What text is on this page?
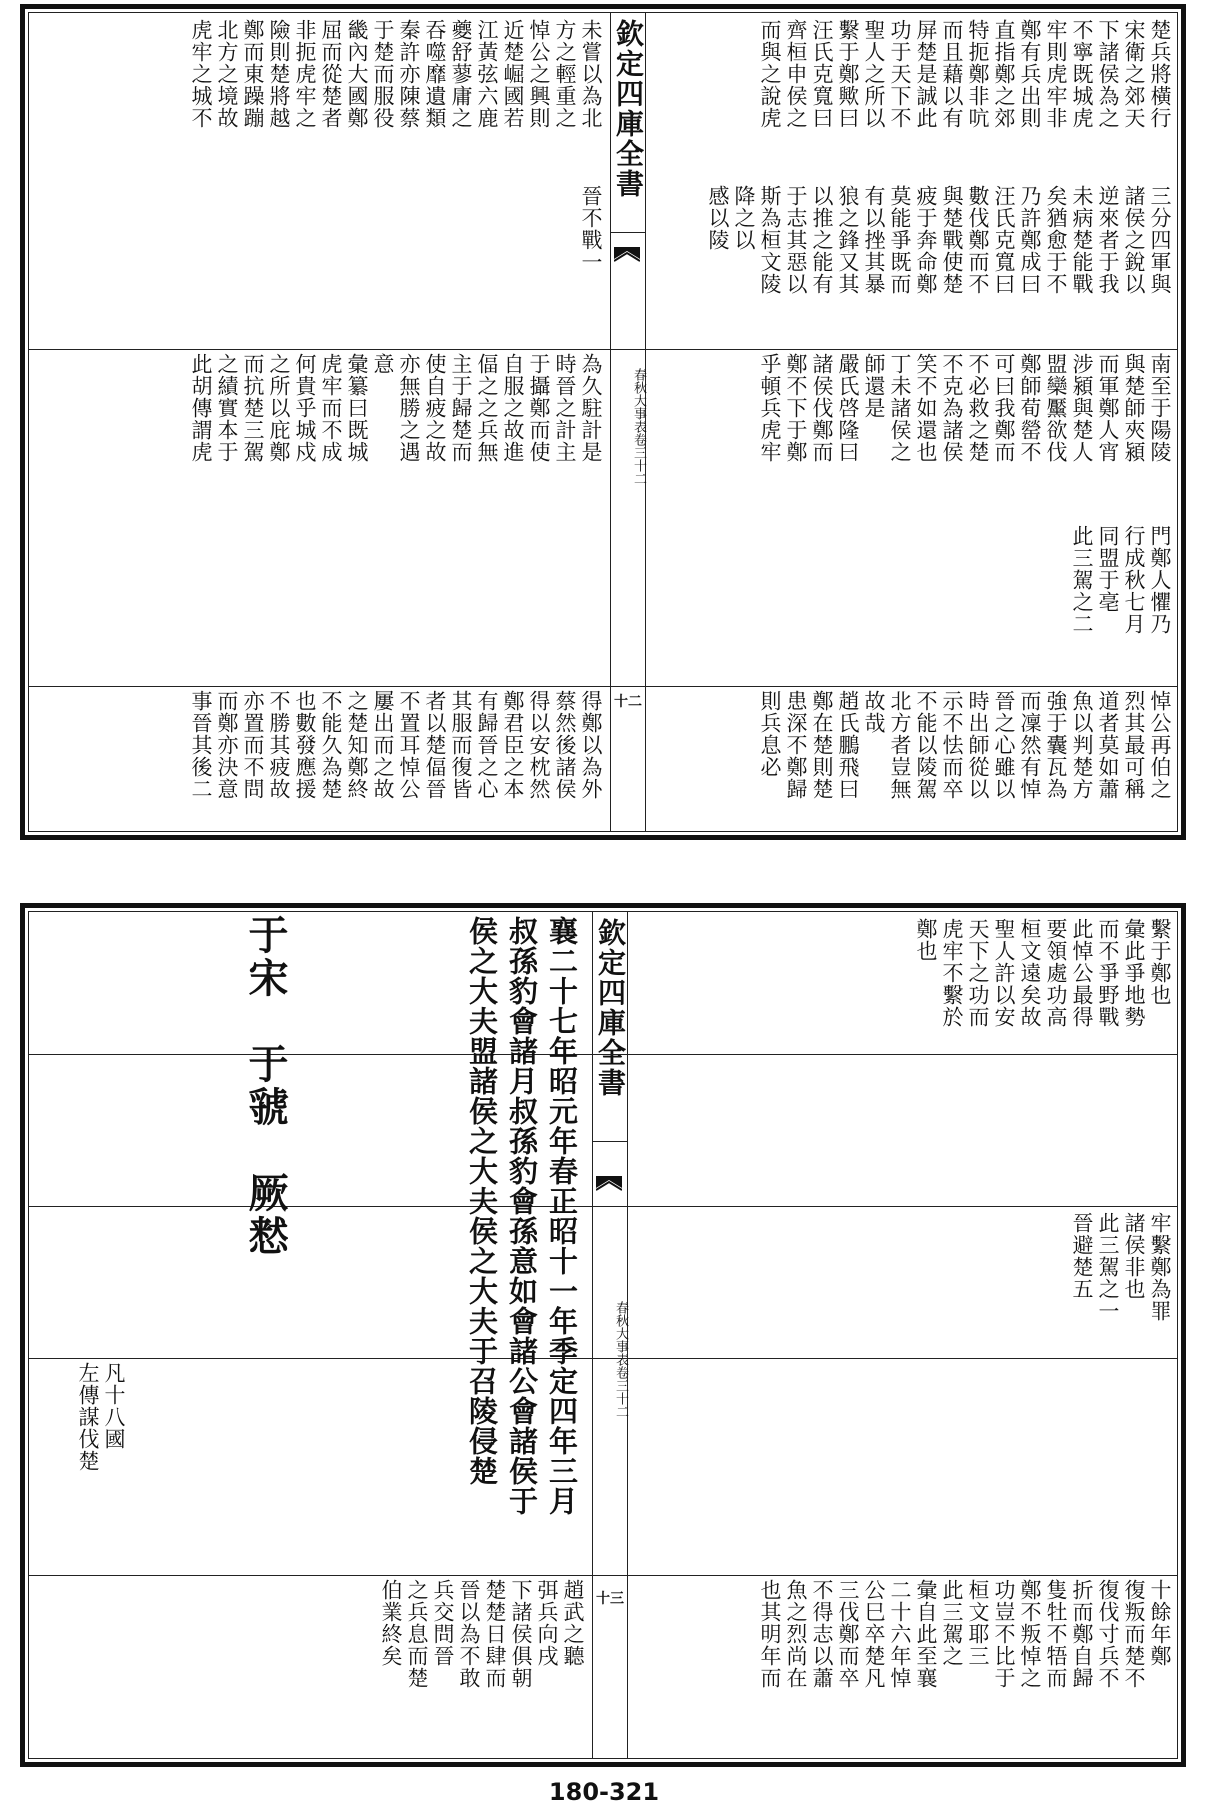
欽定四庫全書
春秋大事表卷三十二
十二
楚兵將橫行
宋衛之郊天
下諸侯為之
不寧既城虎
牢則虎牢非
鄭有兵出則
直指鄭之郊
特扼鄭非吭
而且藉以有
屏楚是誠此
功于天下不
聖人之所以
繫于鄭歟曰
汪氏克寬曰
齊桓申侯之
而與之說虎
三分四軍與
諸侯之銳以
逆來者于我
未病楚能戰
矣猶愈于不
乃許鄭成曰
汪氏克寬曰
數伐鄭而不
與楚戰使楚
疲于奔命鄭
莫能爭既而
有以挫其暴
狼之鋒又其
以推之能有
于志其惡以
斯為桓文陵
降之以
感以陵
南至于陽陵
與楚師夾潁
而軍鄭人宵
涉潁與楚人
盟欒黶欲伐
鄭師荀罃不
可曰我鄭而
不必救之楚
不克為諸侯
笑不如還也
丁未諸侯之
師還是
嚴氏啓隆曰
諸侯伐鄭而
鄭不下于鄭
乎頓兵虎牢
門鄭人懼乃
行成秋七月
同盟于亳
此三駕之二
悼公再伯之
烈其最可稱
道者莫如蕭
魚以判楚方
強于囊瓦為
而凜然有悼
晉之心雖以
時出師從以
示不怯而卒
不能以陵駕
北方者豈無
故哉
趙氏鵬飛曰
鄭在楚則楚
患深不鄭歸
則兵息必
未嘗以為北
方之輕重之
悼公之興則
近楚崛國若
江黃弦六鹿
夔舒蓼庸之
吞噬靡遺類
秦許亦陳蔡
于楚而服役
畿內大國鄭
屈而從楚者
非扼虎牢之
險則楚將越
鄭而東躁蹦
北方之境故
虎牢之城不
晉不戰一
為久駐計是
時晉之計主
于攝鄭而使
自服之故進
偪之之兵無
主于歸楚而
使自疲之故
亦無勝之遇
意
彙纂曰既城
虎牢而不成
何貴乎城戍
之所以庇鄭
而抗楚三駕
之績實本于
此胡傳謂虎
得鄭以為外
蔡然後諸侯
得以安枕然
鄭君臣之本
有歸晉之心
其服而復皆
者以楚偪晉
不置耳悼公
屢出而之故
之楚知鄭終
不能久為楚
也數發應援
不勝其疲故
亦置而不問
而鄭亦決意
事晉其後二
欽定四庫全書
春秋大事表卷三十二
十三
繫于鄭也
彙此爭地勢
而不爭野戰
此悼公最得
要領處功高
桓文遠矣故
聖人許以安
天下之功而
虎牢不繫於
鄭也
牢繫鄭為罪
諸侯非也
此三駕之一
晉避楚五
十餘年鄭
復叛而楚不
復伐寸兵不
折而鄭自歸
隻牡不牾而
鄭不叛悼之
功豈不比于
桓文耶三
此三駕之
彙自此至襄
二十六年悼
公巳卒楚凡
三伐鄭而卒
不得志以蕭
魚之烈尚在
也其明年而
于宋　于虢　厥慭	襄二十七年昭元年春正昭十一年季定四年三月
叔孫豹會諸月叔孫豹會孫意如會諸公會諸侯于
侯之大夫盟諸侯之大夫侯之大夫于召陵侵楚
趙武之聽
弭兵向戌
下諸侯俱朝
楚楚日肆而
晉以為不敢
兵交問晉
之兵息而楚
伯業終矣
凡十八國
左傳謀伐楚
180-321
